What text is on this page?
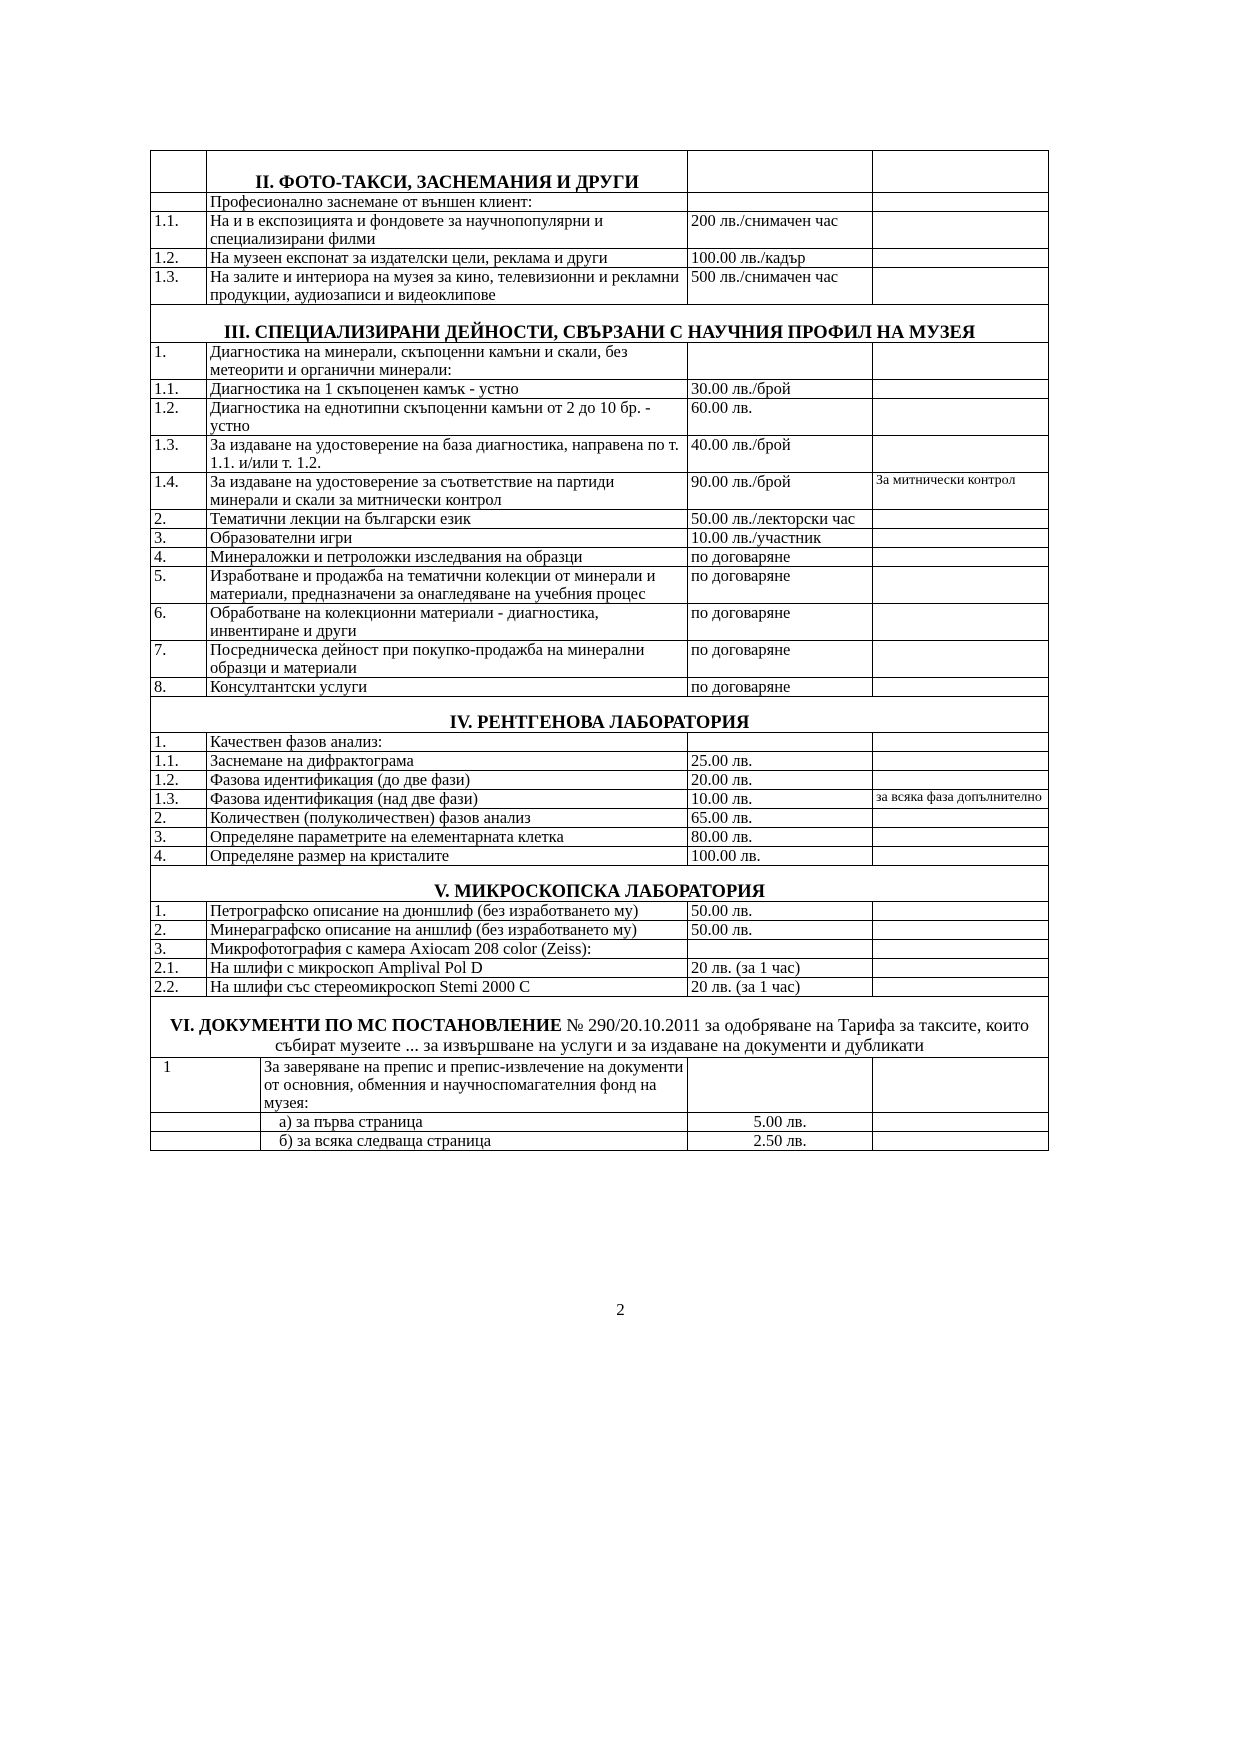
	II. ФОТО-ТАКСИ, ЗАСНЕМАНИЯ И ДРУГИ			
	Професионално заснемане от външен клиент:			
1.1.	На и в експозицията и фондовете за научнопопулярни и специализирани филми		200 лв./снимачен час	
1.2.	На музеен експонат за издателски цели, реклама и други		100.00 лв./кадър	
1.3.	На залите и интериора на музея за кино, телевизионни и рекламни продукции, аудиозаписи и видеоклипове		500 лв./снимачен час	
III. СПЕЦИАЛИЗИРАНИ ДЕЙНОСТИ, СВЪРЗАНИ С НАУЧНИЯ ПРОФИЛ НА МУЗЕЯ				
1.	Диагностика на минерали, скъпоценни камъни и скали, без метеорити и органични минерали:			
1.1.	Диагностика на 1 скъпоценен камък - устно		30.00 лв./брой	
1.2.	Диагностика на еднотипни скъпоценни камъни от 2 до 10 бр. - устно		60.00 лв.	
1.3.	За издаване на удостоверение на база диагностика, направена по т. 1.1. и/или т. 1.2.		40.00 лв./брой	
1.4.	За издаване на удостоверение за съответствие на партиди минерали и скали за митнически контрол		90.00 лв./брой	За митнически контрол
2.	Тематични лекции на български език		50.00 лв./лекторски час	
3.	Образователни игри		10.00 лв./участник	
4.	Минераложки и петроложки изследвания на образци		по договаряне	
5.	Изработване и продажба на тематични колекции от минерали и материали, предназначени за онагледяване на учебния процес		по договаряне	
6.	Обработване на колекционни материали - диагностика, инвентиране и други		по договаряне	
7.	Посредническа дейност при покупко-продажба на минерални образци и материали		по договаряне	
8.	Консултантски услуги		по договаряне	
IV. РЕНТГЕНОВА ЛАБОРАТОРИЯ				
1.	Качествен фазов анализ:			
1.1.	Заснемане на дифрактограма		25.00 лв.	
1.2.	Фазова идентификация (до две фази)		20.00 лв.	
1.3.	Фазова идентификация (над две фази)		10.00 лв.	за всяка фаза допълнително
2.	Количествен (полуколичествен) фазов анализ		65.00 лв.	
3.	Определяне параметрите на елементарната клетка		80.00 лв.	
4.	Определяне размер на кристалите		100.00 лв.	
V. МИКРОСКОПСКА ЛАБОРАТОРИЯ				
1.	Петрографско описание на дюншлиф (без изработването му)		50.00 лв.	
2.	Минераграфско описание на аншлиф (без изработването му)		50.00 лв.	
3.	Микрофотография с камера Axiocam 208 color (Zeiss):			
2.1.	На шлифи с микроскоп Amplival Pol D		20 лв. (за 1 час)	
2.2.	На шлифи със стереомикроскоп Stemi 2000 C		20 лв. (за 1 час)	
VI. ДОКУМЕНТИ ПО МС ПОСТАНОВЛЕНИЕ № 290/20.10.2011 за одобряване на Тарифа за таксите, които събират музеите ... за извършване на услуги и за издаване на документи и дубликати				
1		За заверяване на препис и препис-извлечение на документи от основния, обменния и научноспомагателния фонд на музея:		
		а) за първа страница	5.00 лв.	
		б) за всяка следваща страница	2.50 лв.	
2
